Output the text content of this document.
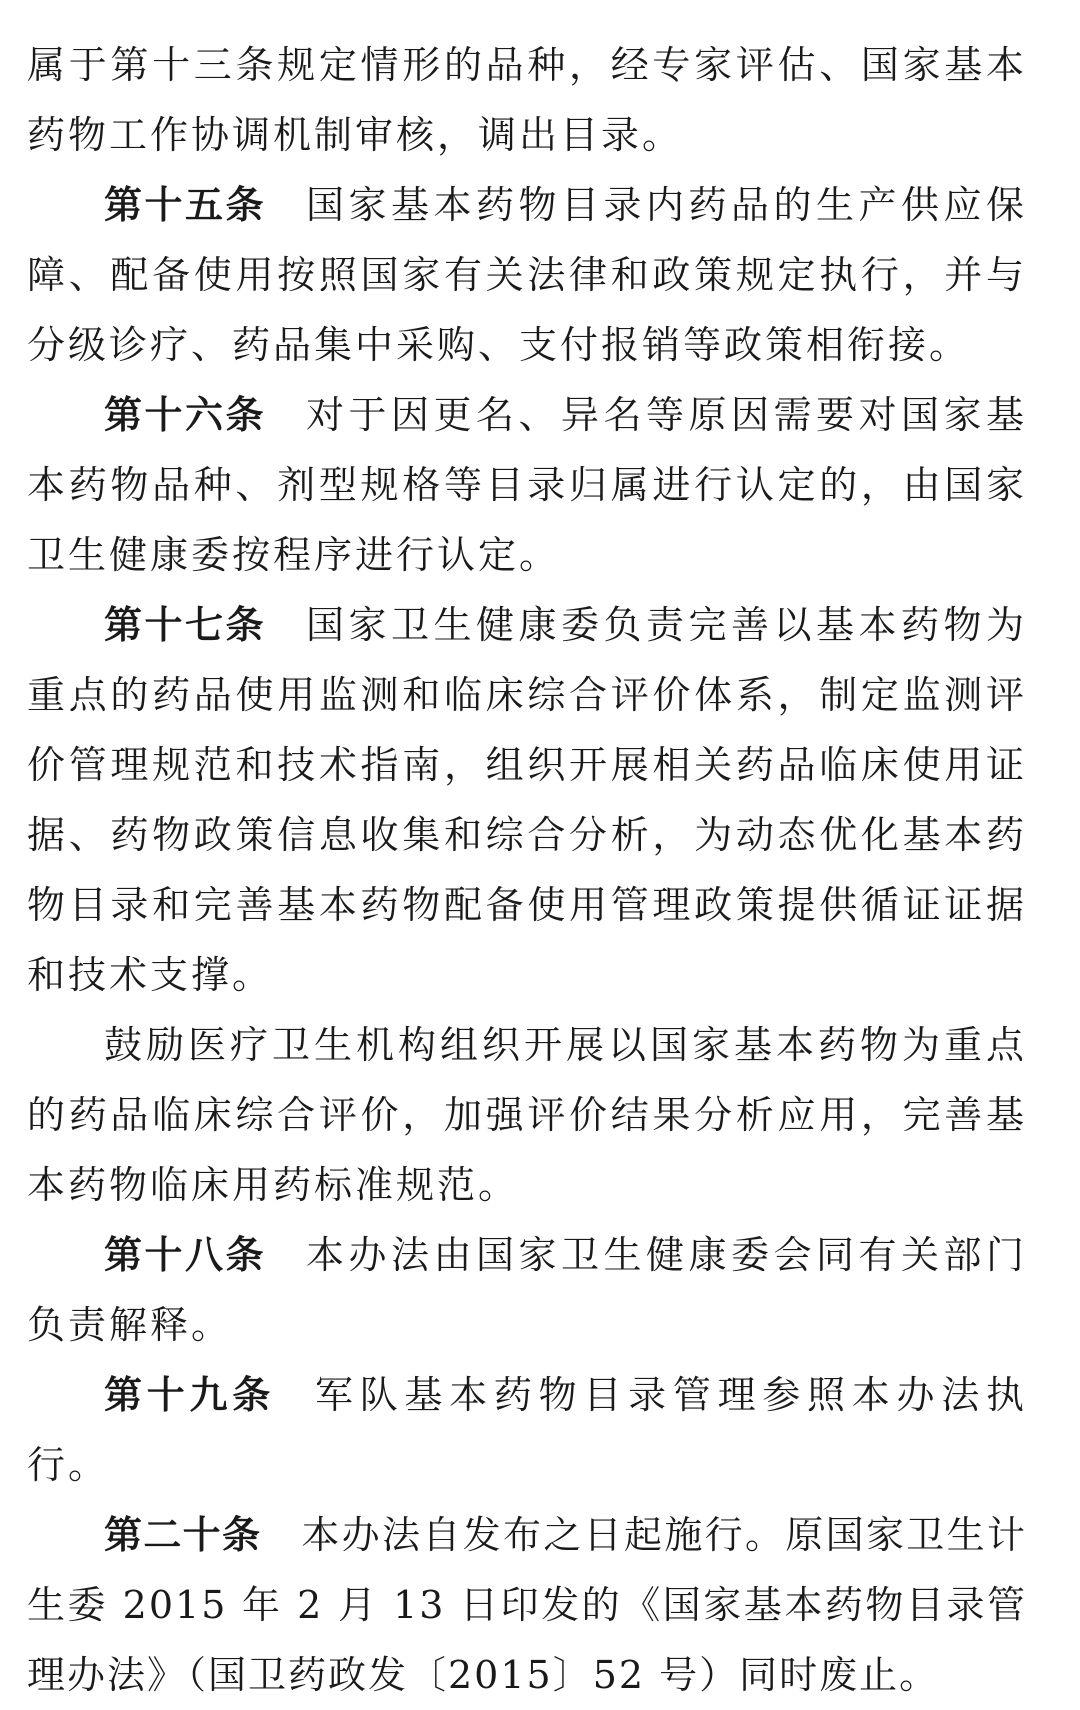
属于第十三条规定情形的品种，经专家评估、国家基本药物工作协调机制审核，调出目录。

第十五条 国家基本药物目录内药品的生产供应保障、配备使用按照国家有关法律和政策规定执行，并与分级诊疗、药品集中采购、支付报销等政策相衔接。

第十六条 对于因更名、异名等原因需要对国家基本药物品种、剂型规格等目录归属进行认定的，由国家卫生健康委按程序进行认定。

第十七条 国家卫生健康委负责完善以基本药物为重点的药品使用监测和临床综合评价体系，制定监测评价管理规范和技术指南，组织开展相关药品临床使用证据、药物政策信息收集和综合分析，为动态优化基本药物目录和完善基本药物配备使用管理政策提供循证证据和技术支撑。

鼓励医疗卫生机构组织开展以国家基本药物为重点的药品临床综合评价，加强评价结果分析应用，完善基本药物临床用药标准规范。

第十八条 本办法由国家卫生健康委会同有关部门负责解释。

第十九条 军队基本药物目录管理参照本办法执行。

第二十条 本办法自发布之日起施行。原国家卫生计生委 2015 年 2 月 13 日印发的《国家基本药物目录管理办法》（国卫药政发〔2015〕52 号）同时废止。
